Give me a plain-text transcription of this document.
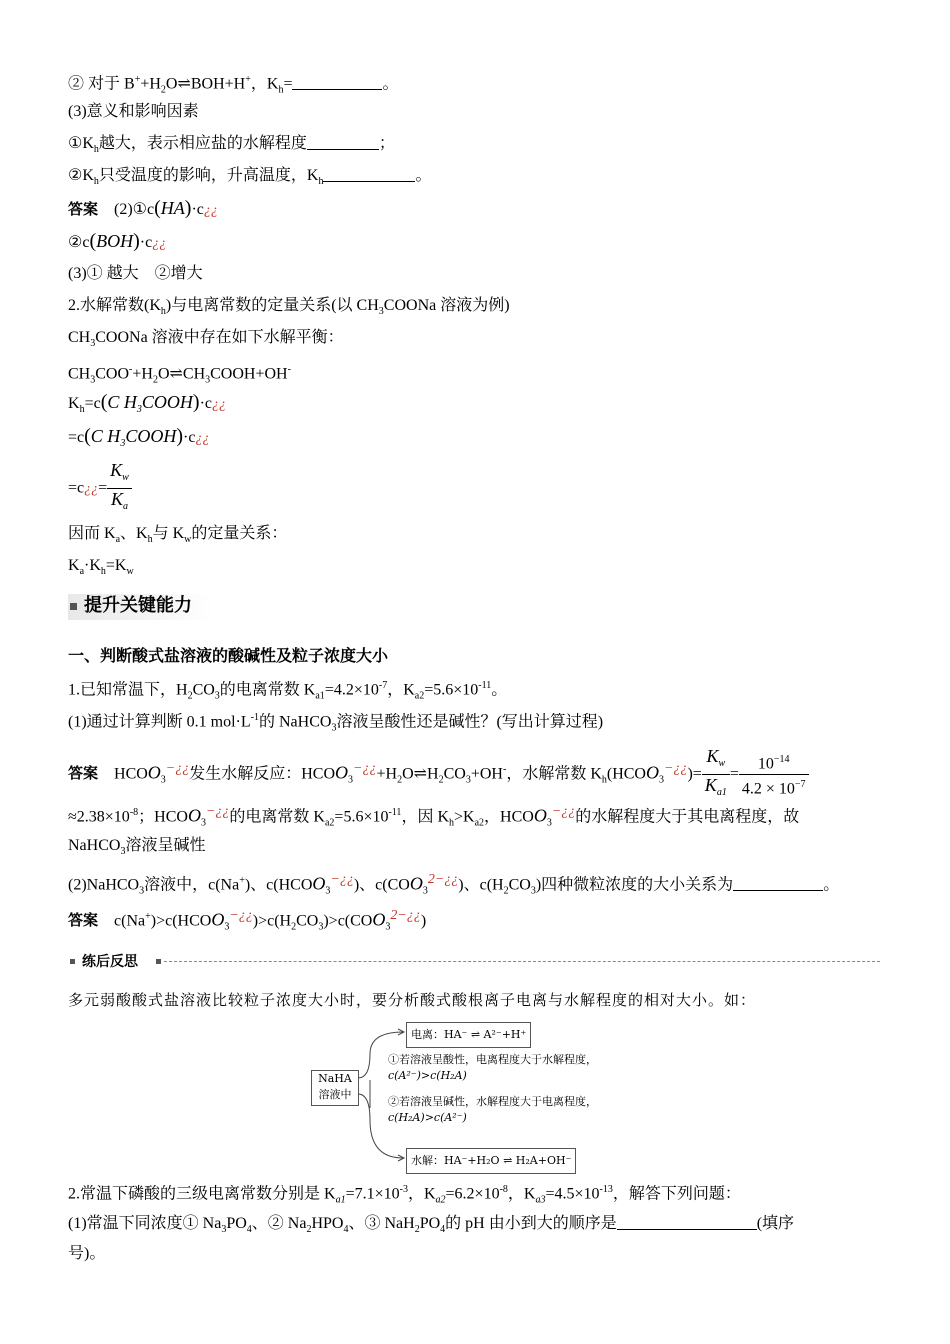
② 对于 $B^++H_2O\rightleftharpoons BOH+H^+$，$K_h=$	。
(3)意义和影响因素
$①K_h$越大，表示相应盐的水解程度	；
$②K_h$只受温度的影响，升高温度，$K_h$	。
答案 (2)①c(HA)·c¿¿
②c(BOH)·c¿¿
(3)① 越大　②增大
2.水解常数$(K_h)$与电离常数的定量关系(以 $CH_3COONa$ 溶液为例)
$CH_3COONa$ 溶液中存在如下水解平衡：
$CH_3COO^-+H_2O\rightleftharpoons CH_3COOH+OH^-$
$K_h=c(C$ $H_3COOH)\cdot c¿¿$
=c(C $H_3COOH)\cdot c¿¿$
=c¿¿= $\frac{K_w}{K_a}$
因而 $K_a$、$K_h$与 $K_w$的定量关系：
$K_a\cdot K_h=K_w$
提升关键能力
一、判断酸式盐溶液的酸碱性及粒子浓度大小
1.已知常温下，$H_2CO_3$的电离常数 $K_{a1}=4.2\times 10^{-7}$，$K_{a2}=5.6\times 10^{-11}$。
(1)通过计算判断 0.1 $mol\cdot L^{-1}$的 NaHCO$_3$溶液呈酸性还是碱性？(写出计算过程)
答案 $HCOO_3^{-¿¿}$发生水解反应：$HCOO_3^{-¿¿}+H_2O\rightleftharpoons H_2CO_3+OH^-$，水解常数 $K_h(HCOO_3^{-¿¿})= \frac{K_w}{K_{a1}} = \frac{10^{-14}}{4.2 \times 10^{-7}}$
$\approx 2.38\times 10^{-8}$；$HCOO_3^{-¿¿}$的电离常数 $K_{a2}=5.6\times 10^{-11}$，因 $K_h>K_{a2}$，$HCOO_3^{-¿¿}$的水解程度大于其电离程度，故
NaHCO$_3$溶液呈碱性
(2)NaHCO$_3$溶液中，c(Na+)、$c(HCOO_3^{-¿¿})$、$c(COO_3^{2-¿¿})$、$c(H_2CO_3)$四种微粒浓度的大小关系为	。
答案 $c(Na^+)>c(HCOO_3^{-¿¿})>c(H_2CO_3)>c(COO_3^{2-¿¿})$
练后反思
多元弱酸酸式盐溶液比较粒子浓度大小时，要分析酸式酸根离子电离与水解程度的相对大小。如：
NaHA
溶液中
电离：HA⁻ ⇌ A²⁻+H⁺
①若溶液呈酸性，电离程度大于水解程度，
c(A²⁻)>c(H₂A)
②若溶液呈碱性，水解程度大于电离程度，
c(H₂A)>c(A²⁻)
水解：HA⁻+H₂O ⇌ H₂A+OH⁻
2.常温下磷酸的三级电离常数分别是 $K_{a1}=7.1\times 10^{-3}$，$K_{a2}=6.2\times 10^{-8}$，$K_{a3}=4.5\times 10^{-13}$，解答下列问题：
(1)常温下同浓度① $Na_3PO_4$、② $Na_2HPO_4$、③ $NaH_2PO_4$的 pH 由小到大的顺序是	(填序
号)。
